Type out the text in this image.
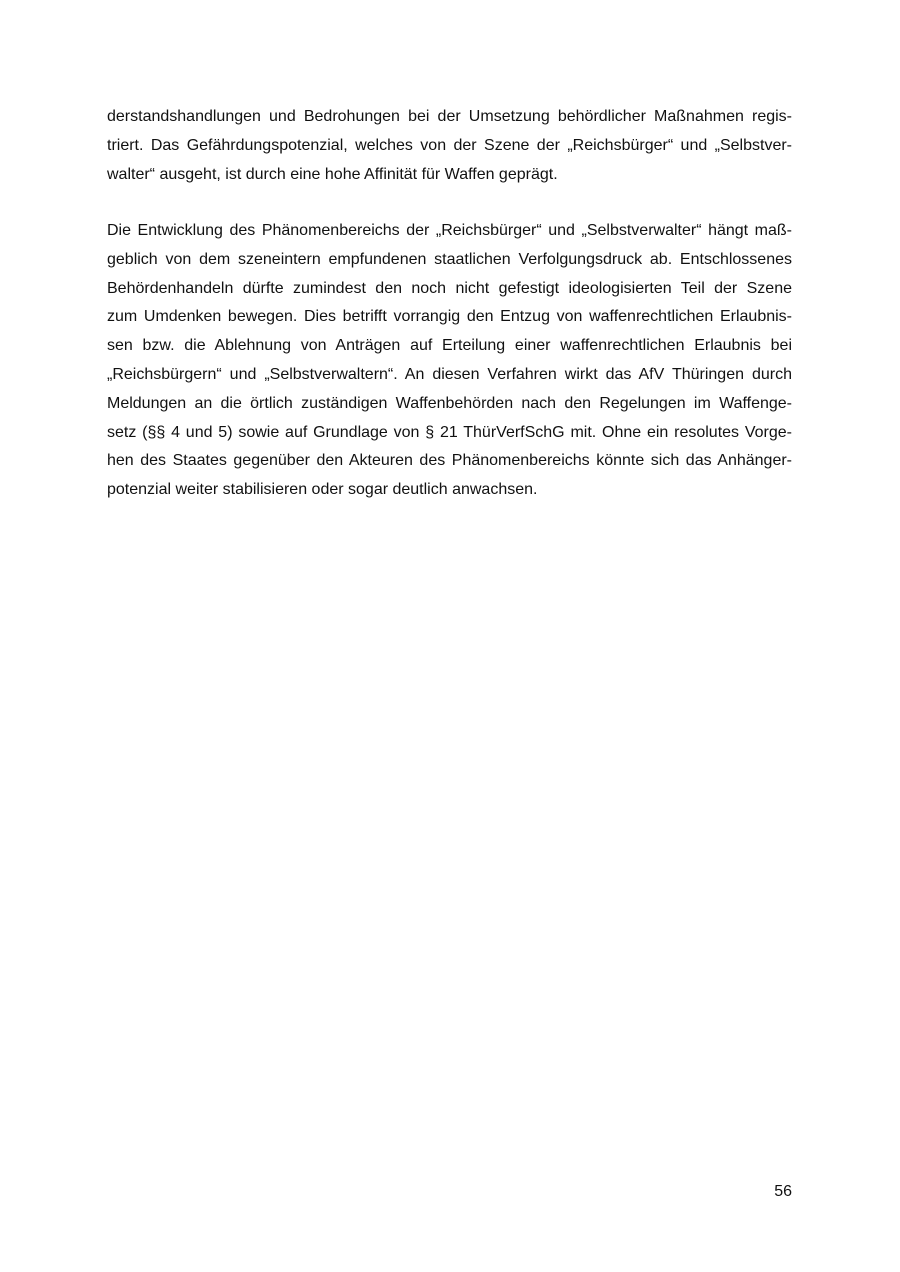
derstandshandlungen und Bedrohungen bei der Umsetzung behördlicher Maßnahmen regis-
triert. Das Gefährdungspotenzial, welches von der Szene der „Reichsbürger“ und „Selbstver-
walter“ ausgeht, ist durch eine hohe Affinität für Waffen geprägt.
Die Entwicklung des Phänomenbereichs der „Reichsbürger“ und „Selbstverwalter“ hängt maß-
geblich von dem szeneintern empfundenen staatlichen Verfolgungsdruck ab. Entschlossenes
Behördenhandeln dürfte zumindest den noch nicht gefestigt ideologisierten Teil der Szene
zum Umdenken bewegen. Dies betrifft vorrangig den Entzug von waffenrechtlichen Erlaubnis-
sen bzw. die Ablehnung von Anträgen auf Erteilung einer waffenrechtlichen Erlaubnis bei
„Reichsbürgern“ und „Selbstverwaltern“. An diesen Verfahren wirkt das AfV Thüringen durch
Meldungen an die örtlich zuständigen Waffenbehörden nach den Regelungen im Waffenge-
setz (§§ 4 und 5) sowie auf Grundlage von § 21 ThürVerfSchG mit. Ohne ein resolutes Vorge-
hen des Staates gegenüber den Akteuren des Phänomenbereichs könnte sich das Anhänger-
potenzial weiter stabilisieren oder sogar deutlich anwachsen.
56
